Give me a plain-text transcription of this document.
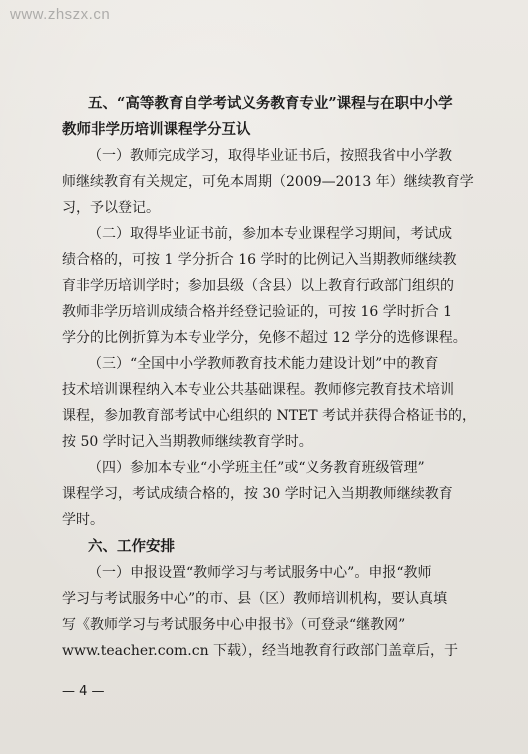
www.zhszx.cn
五、“高等教育自学考试义务教育专业”课程与在职中小学
教师非学历培训课程学分互认
（一）教师完成学习，取得毕业证书后，按照我省中小学教
师继续教育有关规定，可免本周期（2009—2013 年）继续教育学
习，予以登记。
（二）取得毕业证书前，参加本专业课程学习期间，考试成
绩合格的，可按 1 学分折合 16 学时的比例记入当期教师继续教
育非学历培训学时；参加县级（含县）以上教育行政部门组织的
教师非学历培训成绩合格并经登记验证的，可按 16 学时折合 1
学分的比例折算为本专业学分，免修不超过 12 学分的选修课程。
（三）“全国中小学教师教育技术能力建设计划”中的教育
技术培训课程纳入本专业公共基础课程。教师修完教育技术培训
课程，参加教育部考试中心组织的 NTET 考试并获得合格证书的，
按 50 学时记入当期教师继续教育学时。
（四）参加本专业“小学班主任”或“义务教育班级管理”
课程学习，考试成绩合格的，按 30 学时记入当期教师继续教育
学时。
六、工作安排
（一）申报设置“教师学习与考试服务中心”。申报“教师
学习与考试服务中心”的市、县（区）教师培训机构，要认真填
写《教师学习与考试服务中心申报书》（可登录“继教网”
www.teacher.com.cn 下载），经当地教育行政部门盖章后，于
— 4 —
